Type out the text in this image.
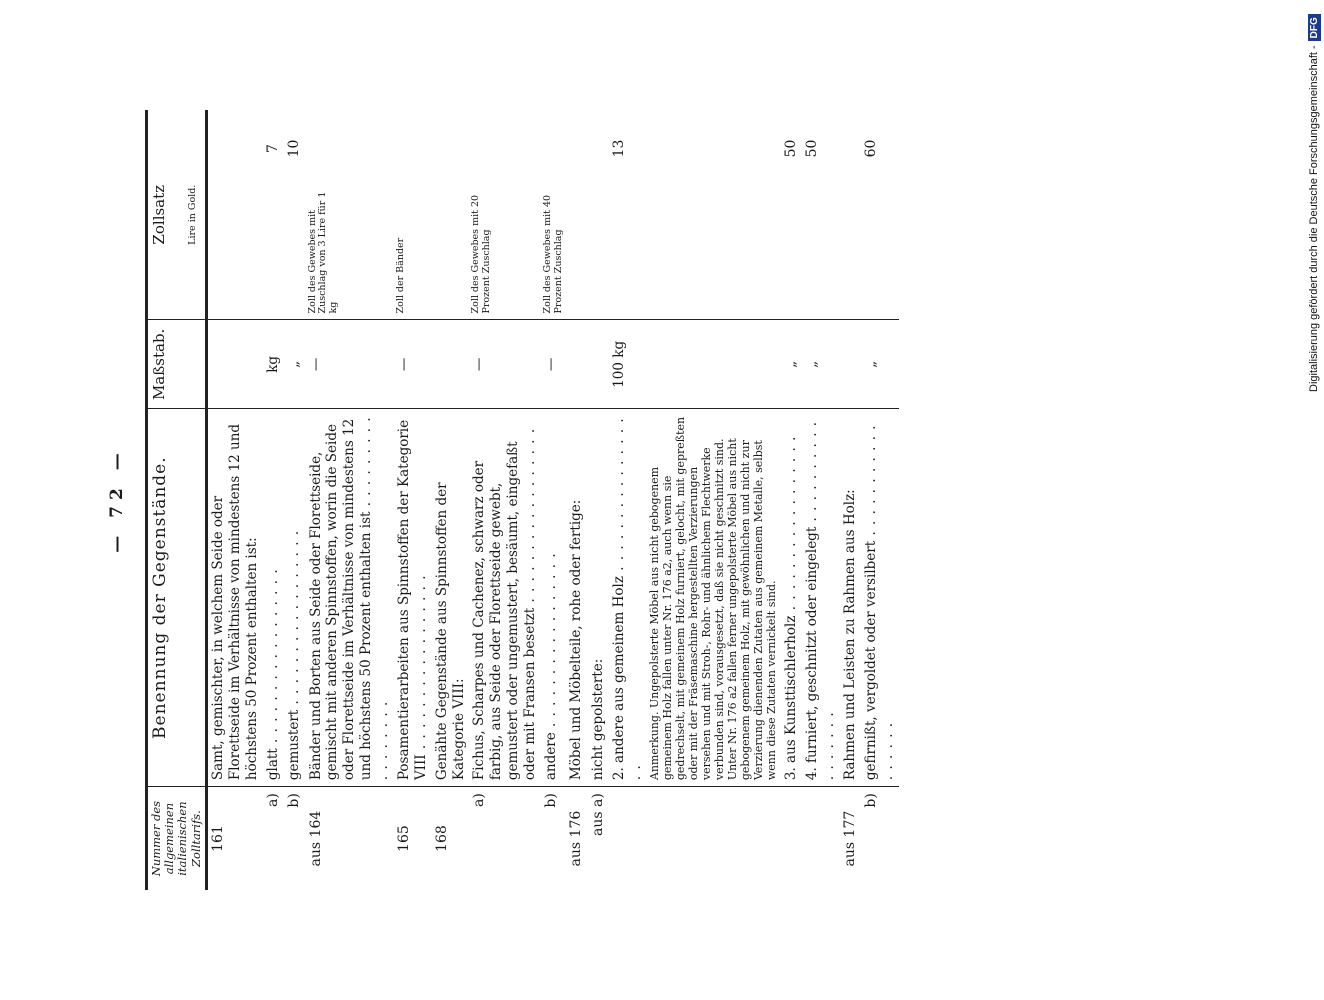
— 72 —
Nummer des allgemeinen italienischen Zolltarifs.	Benennung der Gegenstände.	Maßstab.	Zollsatz Lire in Gold.

161	Samt, gemischter, in welchem Seide oder Florettseide im Verhältnisse von mindestens 12 und höchstens 50 Prozent enthalten ist:		

a)	glatt . . .	kg	7

b)	gemustert . . .	„	10

aus 164	Bänder und Borten aus Seide oder Florettseide, gemischt mit anderen Spinnstoffen, worin die Seide oder Florettseide im Verhältnisse von mindestens 12 und höchstens 50 Prozent enthalten ist . . .	—	Zoll des Gewebes mit Zuschlag von 3 Lire für 1 kg

165	Posamentierarbeiten aus Spinnstoffen der Kategorie VIII . . .	—	Zoll der Bänder

168	Genähte Gegenstände aus Spinnstoffen der Kategorie VIII:		

a)	Fichus, Scharpes und Cachenez, schwarz oder farbig, aus Seide oder Florettseide gewebt, gemustert oder ungemustert, besäumt, eingefaßt oder mit Fransen besetzt . . .	—	Zoll des Gewebes mit 20 Prozent Zuschlag

b)	andere . . .	—	Zoll des Gewebes mit 40 Prozent Zuschlag

aus 176	Möbel und Möbelteile, rohe oder fertige:		

aus a)	nicht gepolsterte:		

	2. andere aus gemeinem Holz . . .	100 kg	13

	Anmerkung. Ungepolsterte Möbel aus nicht gebogenem gemeinem Holz fallen unter Nr. 176 a2, auch wenn sie gedrechselt, mit gemeinem Holz furniert, gelocht, mit gepreßten oder mit der Fräsemaschine hergestellten Verzierungen versehen und mit Stroh-, Rohr- und ähnlichem Flechtwerke verbunden sind, vorausgesetzt, daß sie nicht geschnitzt sind. Unter Nr. 176 a2 fallen ferner ungepolsterte Möbel aus nicht gebogenem gemeinem Holz, mit gewöhnlichen und nicht zur Verzierung dienenden Zutaten aus gemeinem Metalle, selbst wenn diese Zutaten vernickelt sind.		

	3. aus Kunsttischlerholz . . .	„	50

	4. furniert, geschnitzt oder eingelegt . . .	„	50

aus 177	Rahmen und Leisten zu Rahmen aus Holz:		

b)	gefirnißt, vergoldet oder versilbert . . .	„	60	Digitalisierung gefördert durch die Deutsche Forschungsgemeinschaft -DFG
